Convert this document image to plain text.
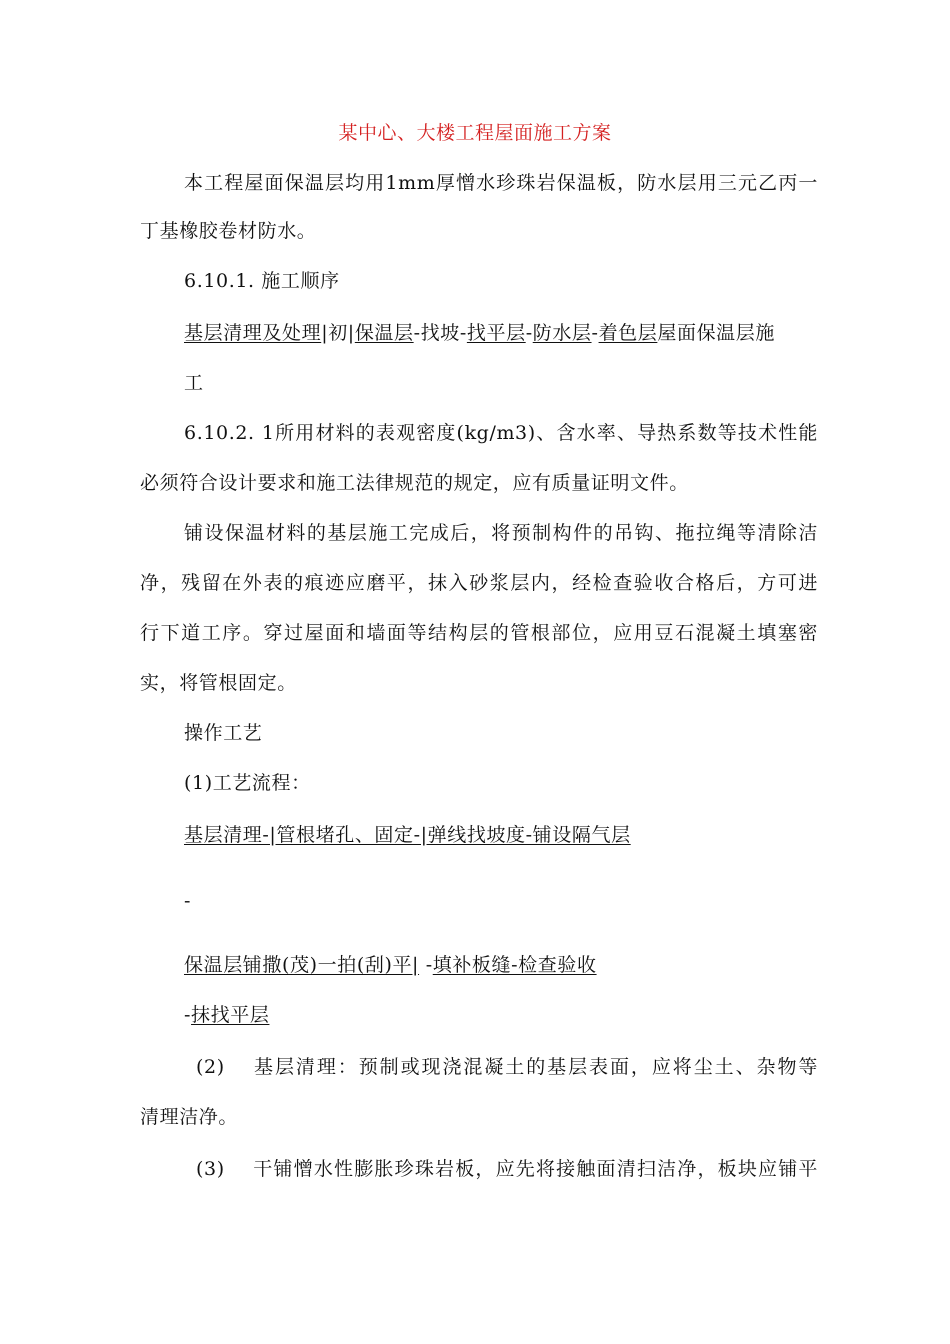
某中心、大楼工程屋面施工方案
本工程屋面保温层均用1mm厚憎水珍珠岩保温板，防水层用三元乙丙一
丁基橡胶卷材防水。
6.10.1. 施工顺序
基层清理及处理|初|保温层-找坡-找平层-防水层-着色层屋面保温层施
工
6.10.2. 1所用材料的表观密度(kg/m3)、含水率、导热系数等技术性能
必须符合设计要求和施工法律规范的规定，应有质量证明文件。
铺设保温材料的基层施工完成后，将预制构件的吊钩、拖拉绳等清除洁
净，残留在外表的痕迹应磨平，抹入砂浆层内，经检查验收合格后，方可进
行下道工序。穿过屋面和墙面等结构层的管根部位，应用豆石混凝土填塞密
实，将管根固定。
操作工艺
(1)工艺流程：
基层清理-|管根堵孔、固定-|弹线找坡度-铺设隔气层
-
保温层铺撒(茂)一拍(刮)平| -填补板缝-检查验收
-抹找平层
(2) 基层清理：预制或现浇混凝土的基层表面，应将尘土、杂物等
清理洁净。
(3) 干铺憎水性膨胀珍珠岩板，应先将接触面清扫洁净，板块应铺平
